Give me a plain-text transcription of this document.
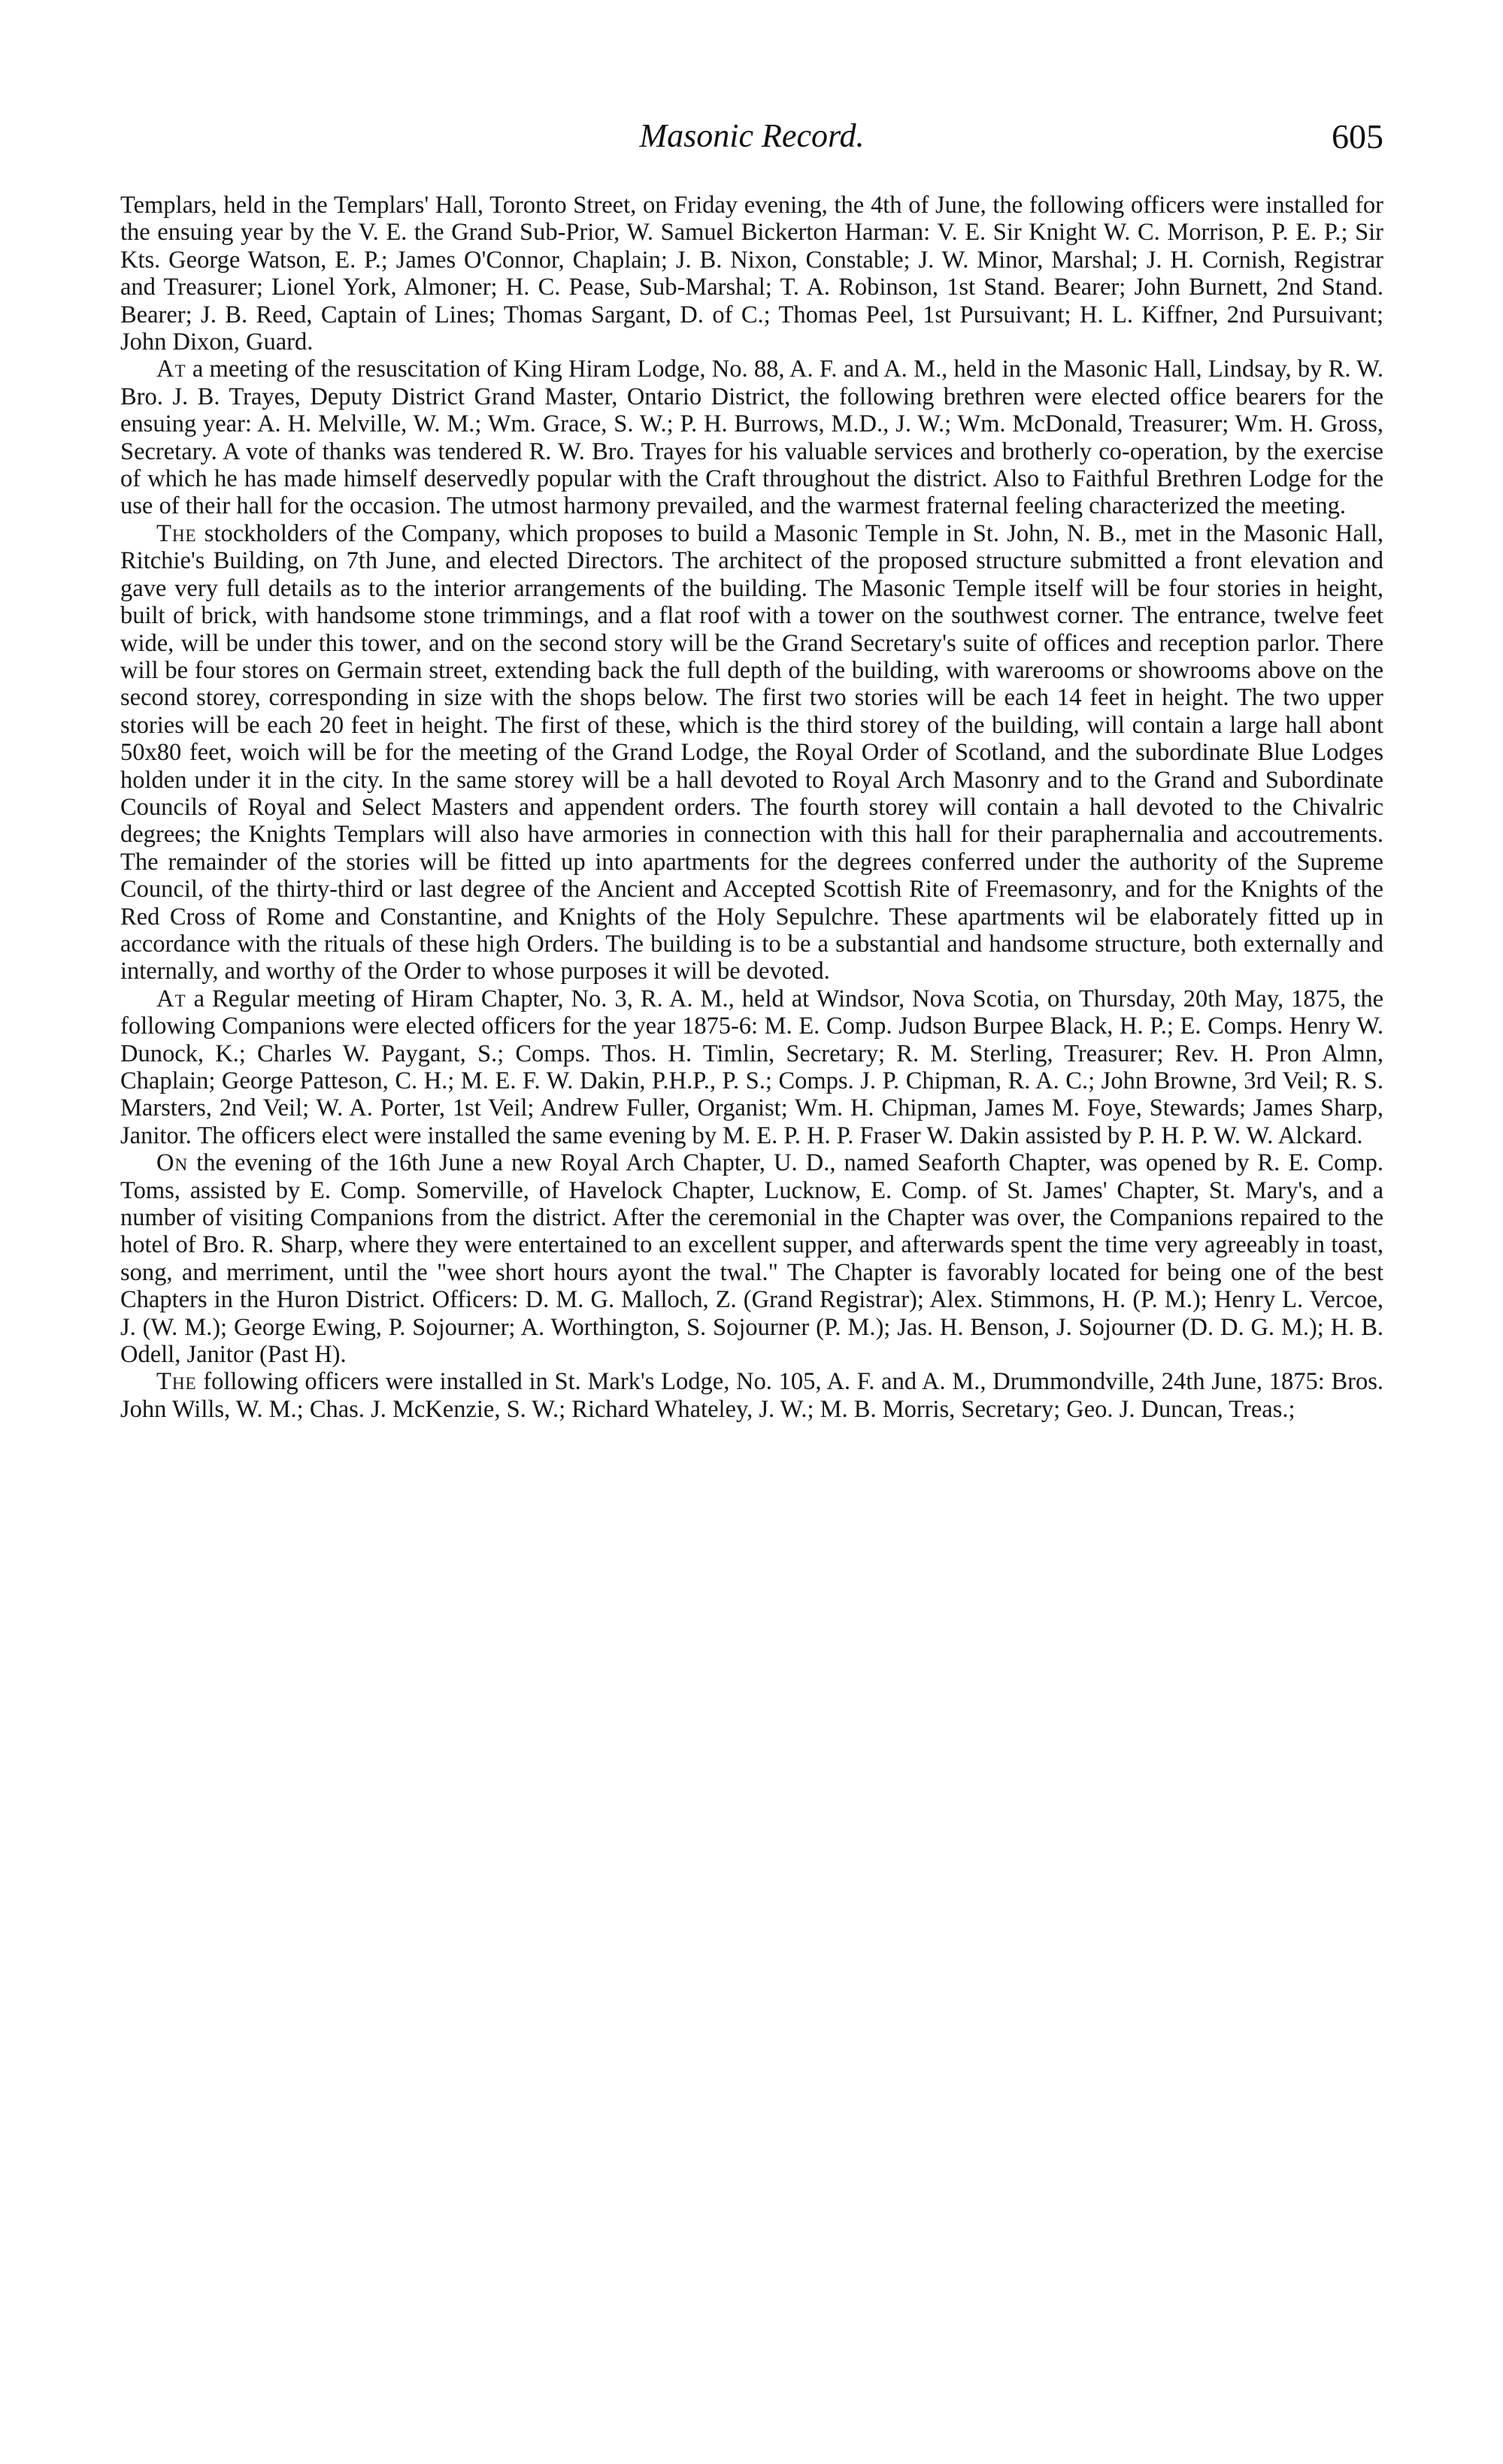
Masonic Record.	605

Templars, held in the Templars' Hall, Toronto Street, on Friday evening, the 4th of June, the following officers were installed for the ensuing year by the V. E. the Grand Sub-Prior, W. Samuel Bickerton Harman: V. E. Sir Knight W. C. Morrison, P. E. P.; Sir Kts. George Watson, E. P.; James O'Connor, Chaplain; J. B. Nixon, Constable; J. W. Minor, Marshal; J. H. Cornish, Registrar and Treasurer; Lionel York, Almoner; H. C. Pease, Sub-Marshal; T. A. Robinson, 1st Stand. Bearer; John Burnett, 2nd Stand. Bearer; J. B. Reed, Captain of Lines; Thomas Sargant, D. of C.; Thomas Peel, 1st Pursuivant; H. L. Kiffner, 2nd Pursuivant; John Dixon, Guard.

At a meeting of the resuscitation of King Hiram Lodge, No. 88, A. F. and A. M., held in the Masonic Hall, Lindsay, by R. W. Bro. J. B. Trayes, Deputy District Grand Master, Ontario District, the following brethren were elected office bearers for the ensuing year: A. H. Melville, W. M.; Wm. Grace, S. W.; P. H. Burrows, M.D., J. W.; Wm. McDonald, Treasurer; Wm. H. Gross, Secretary. A vote of thanks was tendered R. W. Bro. Trayes for his valuable services and brotherly co-operation, by the exercise of which he has made himself deservedly popular with the Craft throughout the district. Also to Faithful Brethren Lodge for the use of their hall for the occasion. The utmost harmony prevailed, and the warmest fraternal feeling characterized the meeting.

The stockholders of the Company, which proposes to build a Masonic Temple in St. John, N. B., met in the Masonic Hall, Ritchie's Building, on 7th June, and elected Directors. The architect of the proposed structure submitted a front elevation and gave very full details as to the interior arrangements of the building. The Masonic Temple itself will be four stories in height, built of brick, with handsome stone trimmings, and a flat roof with a tower on the southwest corner. The entrance, twelve feet wide, will be under this tower, and on the second story will be the Grand Secretary's suite of offices and reception parlor. There will be four stores on Germain street, extending back the full depth of the building, with warerooms or showrooms above on the second storey, corresponding in size with the shops below. The first two stories will be each 14 feet in height. The two upper stories will be each 20 feet in height. The first of these, which is the third storey of the building, will contain a large hall abont 50x80 feet, woich will be for the meeting of the Grand Lodge, the Royal Order of Scotland, and the subordinate Blue Lodges holden under it in the city. In the same storey will be a hall devoted to Royal Arch Masonry and to the Grand and Subordinate Councils of Royal and Select Masters and appendent orders. The fourth storey will contain a hall devoted to the Chivalric degrees; the Knights Templars will also have armories in connection with this hall for their paraphernalia and accoutrements. The remainder of the stories will be fitted up into apartments for the degrees conferred under the authority of the Supreme Council, of the thirty-third or last degree of the Ancient and Accepted Scottish Rite of Freemasonry, and for the Knights of the Red Cross of Rome and Constantine, and Knights of the Holy Sepulchre. These apartments wil be elaborately fitted up in accordance with the rituals of these high Orders. The building is to be a substantial and handsome structure, both externally and internally, and worthy of the Order to whose purposes it will be devoted.

At a Regular meeting of Hiram Chapter, No. 3, R. A. M., held at Windsor, Nova Scotia, on Thursday, 20th May, 1875, the following Companions were elected officers for the year 1875-6: M. E. Comp. Judson Burpee Black, H. P.; E. Comps. Henry W. Dunock, K.; Charles W. Paygant, S.; Comps. Thos. H. Timlin, Secretary; R. M. Sterling, Treasurer; Rev. H. Pron Almn, Chaplain; George Patteson, C. H.; M. E. F. W. Dakin, P.H.P., P. S.; Comps. J. P. Chipman, R. A. C.; John Browne, 3rd Veil; R. S. Marsters, 2nd Veil; W. A. Porter, 1st Veil; Andrew Fuller, Organist; Wm. H. Chipman, James M. Foye, Stewards; James Sharp, Janitor. The officers elect were installed the same evening by M. E. P. H. P. Fraser W. Dakin assisted by P. H. P. W. W. Alckard.

On the evening of the 16th June a new Royal Arch Chapter, U. D., named Seaforth Chapter, was opened by R. E. Comp. Toms, assisted by E. Comp. Somerville, of Havelock Chapter, Lucknow, E. Comp. of St. James' Chapter, St. Mary's, and a number of visiting Companions from the district. After the ceremonial in the Chapter was over, the Companions repaired to the hotel of Bro. R. Sharp, where they were entertained to an excellent supper, and afterwards spent the time very agreeably in toast, song, and merriment, until the "wee short hours ayont the twal." The Chapter is favorably located for being one of the best Chapters in the Huron District. Officers: D. M. G. Malloch, Z. (Grand Registrar); Alex. Stimmons, H. (P. M.); Henry L. Vercoe, J. (W. M.); George Ewing, P. Sojourner; A. Worthington, S. Sojourner (P. M.); Jas. H. Benson, J. Sojourner (D. D. G. M.); H. B. Odell, Janitor (Past H).

The following officers were installed in St. Mark's Lodge, No. 105, A. F. and A. M., Drummondville, 24th June, 1875: Bros. John Wills, W. M.; Chas. J. McKenzie, S. W.; Richard Whateley, J. W.; M. B. Morris, Secretary; Geo. J. Duncan, Treas.;
